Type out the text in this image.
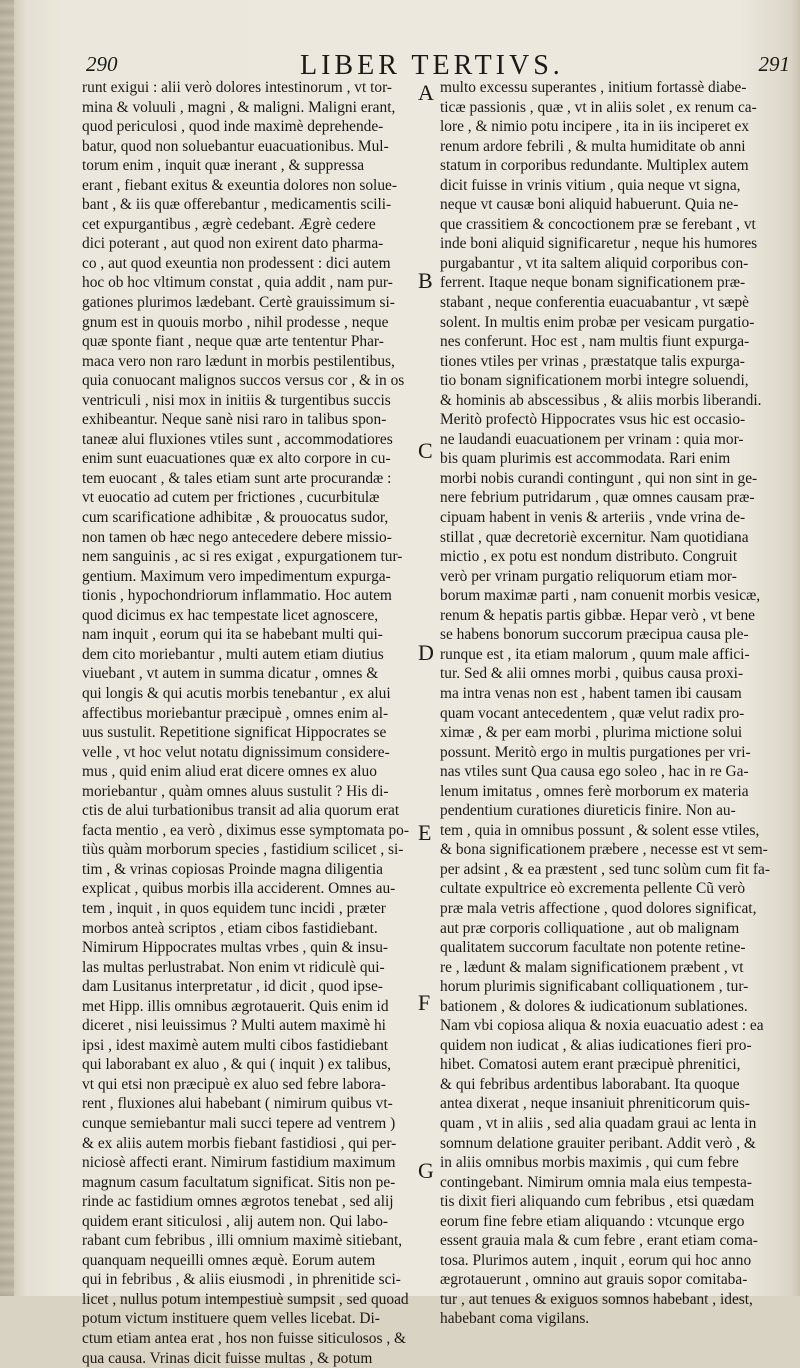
290	LIBER TERTIVS.	291
runt exigui : alii verò dolores intestinorum , vt tor-
mina & voluuli , magni , & maligni. Maligni erant,
quod periculosi , quod inde maximè deprehende-
batur, quod non soluebantur euacuationibus. Mul-
torum enim , inquit quæ inerant , & suppressa
erant , fiebant exitus & exeuntia dolores non solue-
bant , & iis quæ offerebantur , medicamentis scili-
cet expurgantibus , ægrè cedebant. Ægrè cedere
dici poterant , aut quod non exirent dato pharma-
co , aut quod exeuntia non prodessent : dici autem
hoc ob hoc vltimum constat , quia addit , nam pur-
gationes plurimos lædebant. Certè grauissimum si-
gnum est in quouis morbo , nihil prodesse , neque
quæ sponte fiant , neque quæ arte tententur Phar-
maca vero non raro lædunt in morbis pestilentibus,
quia conuocant malignos succos versus cor , & in os
ventriculi , nisi mox in initiis & turgentibus succis
exhibeantur. Neque sanè nisi raro in talibus spon-
taneæ alui fluxiones vtiles sunt , accommodatiores
enim sunt euacuationes quæ ex alto corpore in cu-
tem euocant , & tales etiam sunt arte procurandæ :
vt euocatio ad cutem per frictiones , cucurbitulæ
cum scarificatione adhibitæ , & prouocatus sudor,
non tamen ob hæc nego antecedere debere missio-
nem sanguinis , ac si res exigat , expurgationem tur-
gentium. Maximum vero impedimentum expurga-
tionis , hypochondriorum inflammatio. Hoc autem
quod dicimus ex hac tempestate licet agnoscere,
nam inquit , eorum qui ita se habebant multi qui-
dem cito moriebantur , multi autem etiam diutius
viuebant , vt autem in summa dicatur , omnes &
qui longis & qui acutis morbis tenebantur , ex alui
affectibus moriebantur præcipuè , omnes enim al-
uus sustulit. Repetitione significat Hippocrates se
velle , vt hoc velut notatu dignissimum considere-
mus , quid enim aliud erat dicere omnes ex aluo
moriebantur , quàm omnes aluus sustulit ? His di-
ctis de alui turbationibus transit ad alia quorum erat
facta mentio , ea verò , diximus esse symptomata po-
tiùs quàm morborum species , fastidium scilicet , si-
tim , & vrinas copiosas Proinde magna diligentia
explicat , quibus morbis illa acciderent. Omnes au-
tem , inquit , in quos equidem tunc incidi , præter
morbos anteà scriptos , etiam cibos fastidiebant.
Nimirum Hippocrates multas vrbes , quin & insu-
las multas perlustrabat. Non enim vt ridiculè qui-
dam Lusitanus interpretatur , id dicit , quod ipse-
met Hipp. illis omnibus ægrotauerit. Quis enim id
diceret , nisi leuissimus ? Multi autem maximè hi
ipsi , idest maximè autem multi cibos fastidiebant
qui laborabant ex aluo , & qui ( inquit ) ex talibus,
vt qui etsi non præcipuè ex aluo sed febre labora-
rent , fluxiones alui habebant ( nimirum quibus vt-
cunque semiebantur mali succi tepere ad ventrem )
& ex aliis autem morbis fiebant fastidiosi , qui per-
niciosè affecti erant. Nimirum fastidium maximum
magnum casum facultatum significat. Sitis non pe-
rinde ac fastidium omnes ægrotos tenebat , sed alij
quidem erant siticulosi , alij autem non. Qui labo-
rabant cum febribus , illi omnium maximè sitiebant,
quanquam nequeilli omnes æquè. Eorum autem
qui in febribus , & aliis eiusmodi , in phrenitide sci-
licet , nullus potum intempestiuè sumpsit , sed quoad
potum victum instituere quem velles licebat. Di-
ctum etiam antea erat , hos non fuisse siticulosos , &
qua causa. Vrinas dicit fuisse multas , & potum
multo excessu superantes , initium fortassè diabe-
ticæ passionis , quæ , vt in aliis solet , ex renum ca-
lore , & nimio potu incipere , ita in iis inciperet ex
renum ardore febrili , & multa humiditate ob anni
statum in corporibus redundante. Multiplex autem
dicit fuisse in vrinis vitium , quia neque vt signa,
neque vt causæ boni aliquid habuerunt. Quia ne-
que crassitiem & concoctionem præ se ferebant , vt
inde boni aliquid significaretur , neque his humores
purgabantur , vt ita saltem aliquid corporibus con-
ferrent. Itaque neque bonam significationem præ-
stabant , neque conferentia euacuabantur , vt sæpè
solent. In multis enim probæ per vesicam purgatio-
nes conferunt. Hoc est , nam multis fiunt expurga-
tiones vtiles per vrinas , præstatque talis expurga-
tio bonam significationem morbi integre soluendi,
& hominis ab abscessibus , & aliis morbis liberandi.
Meritò profectò Hippocrates vsus hic est occasio-
ne laudandi euacuationem per vrinam : quia mor-
bis quam plurimis est accommodata. Rari enim
morbi nobis curandi contingunt , qui non sint in ge-
nere febrium putridarum , quæ omnes causam præ-
cipuam habent in venis & arteriis , vnde vrina de-
stillat , quæ decretoriè excernitur. Nam quotidiana
mictio , ex potu est nondum distributo. Congruit
verò per vrinam purgatio reliquorum etiam mor-
borum maximæ parti , nam conuenit morbis vesicæ,
renum & hepatis partis gibbæ. Hepar verò , vt bene
se habens bonorum succorum præcipua causa ple-
runque est , ita etiam malorum , quum male affici-
tur. Sed & alii omnes morbi , quibus causa proxi-
ma intra venas non est , habent tamen ibi causam
quam vocant antecedentem , quæ velut radix pro-
ximæ , & per eam morbi , plurima mictione solui
possunt. Meritò ergo in multis purgationes per vri-
nas vtiles sunt Qua causa ego soleo , hac in re Ga-
lenum imitatus , omnes ferè morborum ex materia
pendentium curationes diureticis finire. Non au-
tem , quia in omnibus possunt , & solent esse vtiles,
& bona significationem præbere , necesse est vt sem-
per adsint , & ea præstent , sed tunc solùm cum fit fa-
cultate expultrice eò excrementa pellente Cũ verò
præ mala vetris affectione , quod dolores significat,
aut præ corporis colliquatione , aut ob malignam
qualitatem succorum facultate non potente retine-
re , lædunt & malam significationem præbent , vt
horum plurimis significabant colliquationem , tur-
bationem , & dolores & iudicationum sublationes.
Nam vbi copiosa aliqua & noxia euacuatio adest : ea
quidem non iudicat , & alias iudicationes fieri pro-
hibet. Comatosi autem erant præcipuè phrenitici,
& qui febribus ardentibus laborabant. Ita quoque
antea dixerat , neque insaniuit phreniticorum quis-
quam , vt in aliis , sed alia quadam graui ac lenta in
somnum delatione grauiter peribant. Addit verò , &
in aliis omnibus morbis maximis , qui cum febre
contingebant. Nimirum omnia mala eius tempesta-
tis dixit fieri aliquando cum febribus , etsi quædam
eorum fine febre etiam aliquando : vtcunque ergo
essent grauia mala & cum febre , erant etiam coma-
tosa. Plurimos autem , inquit , eorum qui hoc anno
ægrotauerunt , omnino aut grauis sopor comitaba-
tur , aut tenues & exiguos somnos habebant , idest,
habebant coma vigilans.
A
B
C
D
E
F
G
